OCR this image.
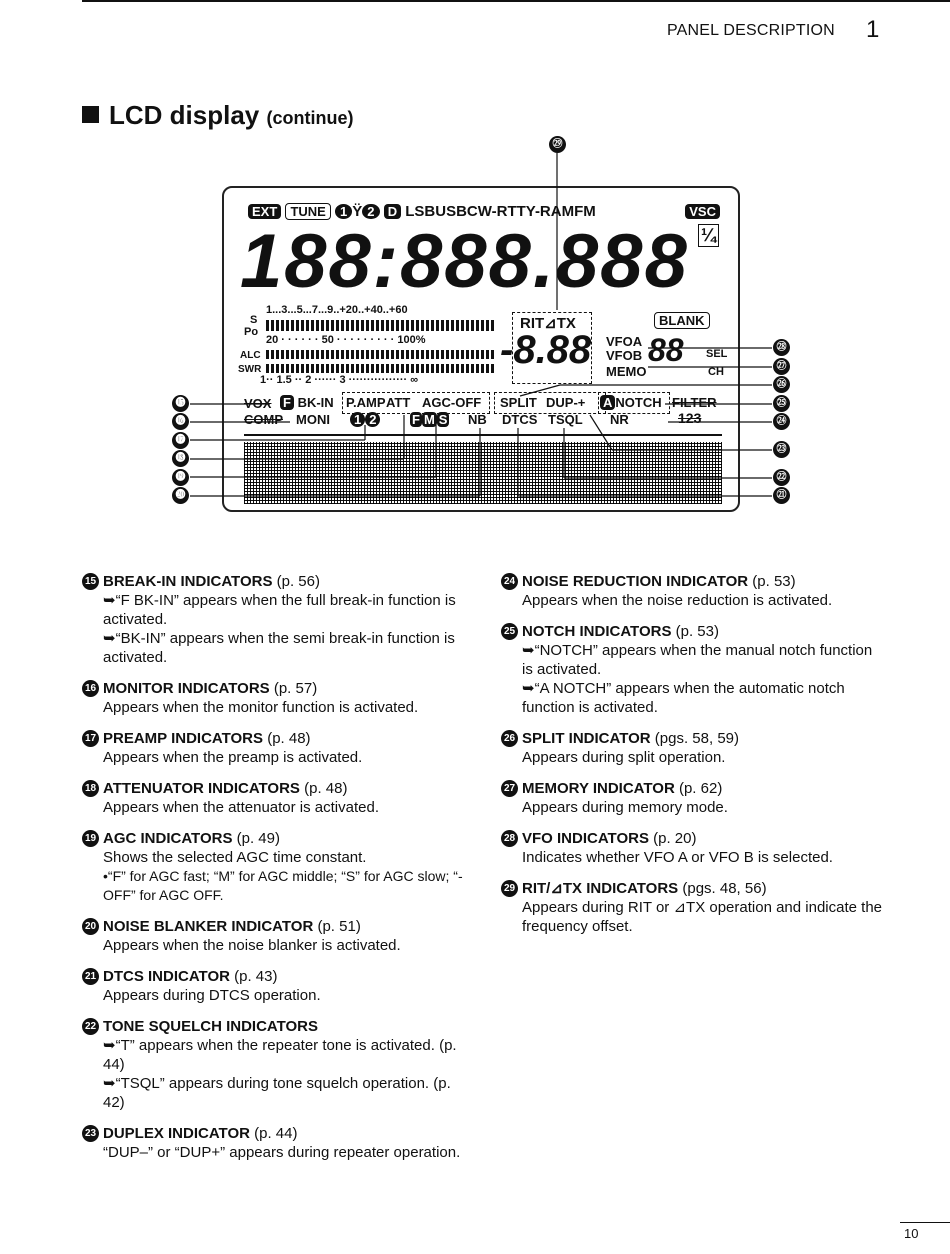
PANEL DESCRIPTION 1
LCD display (continue)
EXT TUNE 1 Ÿ 2 D LSBUSBCW-RTTY-RAMFM	VSC
188:888.888 ¼
1...3...5...7...9..+20..+40..+60
S
Po
20 · · · · · · 50 · · · · · · · · · 100%
ALC
SWR
1·· 1.5 ·· 2 ······ 3 ················ ∞
RIT⊿TX
-8.88
BLANK
VFOA
VFOB
MEMO
88 SEL
CH
VOX F BK-IN P.AMP ATT AGC-OFF SPLIT DUP-+ A NOTCH FILTER
COMP MONI	1 2	F M S NB DTCS TSQL NR	123
㉙
㉘
㉗
㉖
㉕
㉔
㉓
㉒
㉑
⓯
⓰
⓱
⓲
⓳
⓴
15 BREAK-IN INDICATORS (p. 56)

➥“F BK-IN” appears when the full break-in function is activated.

➥“BK-IN” appears when the semi break-in function is activated.

16 MONITOR INDICATORS (p. 57)

Appears when the monitor function is activated.

17 PREAMP INDICATORS (p. 48)

Appears when the preamp is activated.

18 ATTENUATOR INDICATORS (p. 48)

Appears when the attenuator is activated.

19 AGC INDICATORS (p. 49)

Shows the selected AGC time constant.

•“F” for AGC fast; “M” for AGC middle; “S” for AGC slow; “-OFF” for AGC OFF.

20 NOISE BLANKER INDICATOR (p. 51)

Appears when the noise blanker is activated.

21 DTCS INDICATOR (p. 43)

Appears during DTCS operation.

22 TONE SQUELCH INDICATORS

➥“T” appears when the repeater tone is activated. (p. 44)

➥“TSQL” appears during tone squelch operation. (p. 42)

23 DUPLEX INDICATOR (p. 44)

“DUP–” or “DUP+” appears during repeater operation.

24 NOISE REDUCTION INDICATOR (p. 53)

Appears when the noise reduction is activated.

25 NOTCH INDICATORS (p. 53)

➥“NOTCH” appears when the manual notch function is activated.

➥“A NOTCH” appears when the automatic notch function is activated.

26 SPLIT INDICATOR (pgs. 58, 59)

Appears during split operation.

27 MEMORY INDICATOR (p. 62)

Appears during memory mode.

28 VFO INDICATORS (p. 20)

Indicates whether VFO A or VFO B is selected.

29 RIT/⊿TX INDICATORS (pgs. 48, 56)

Appears during RIT or ⊿TX operation and indicate the frequency offset.

10
